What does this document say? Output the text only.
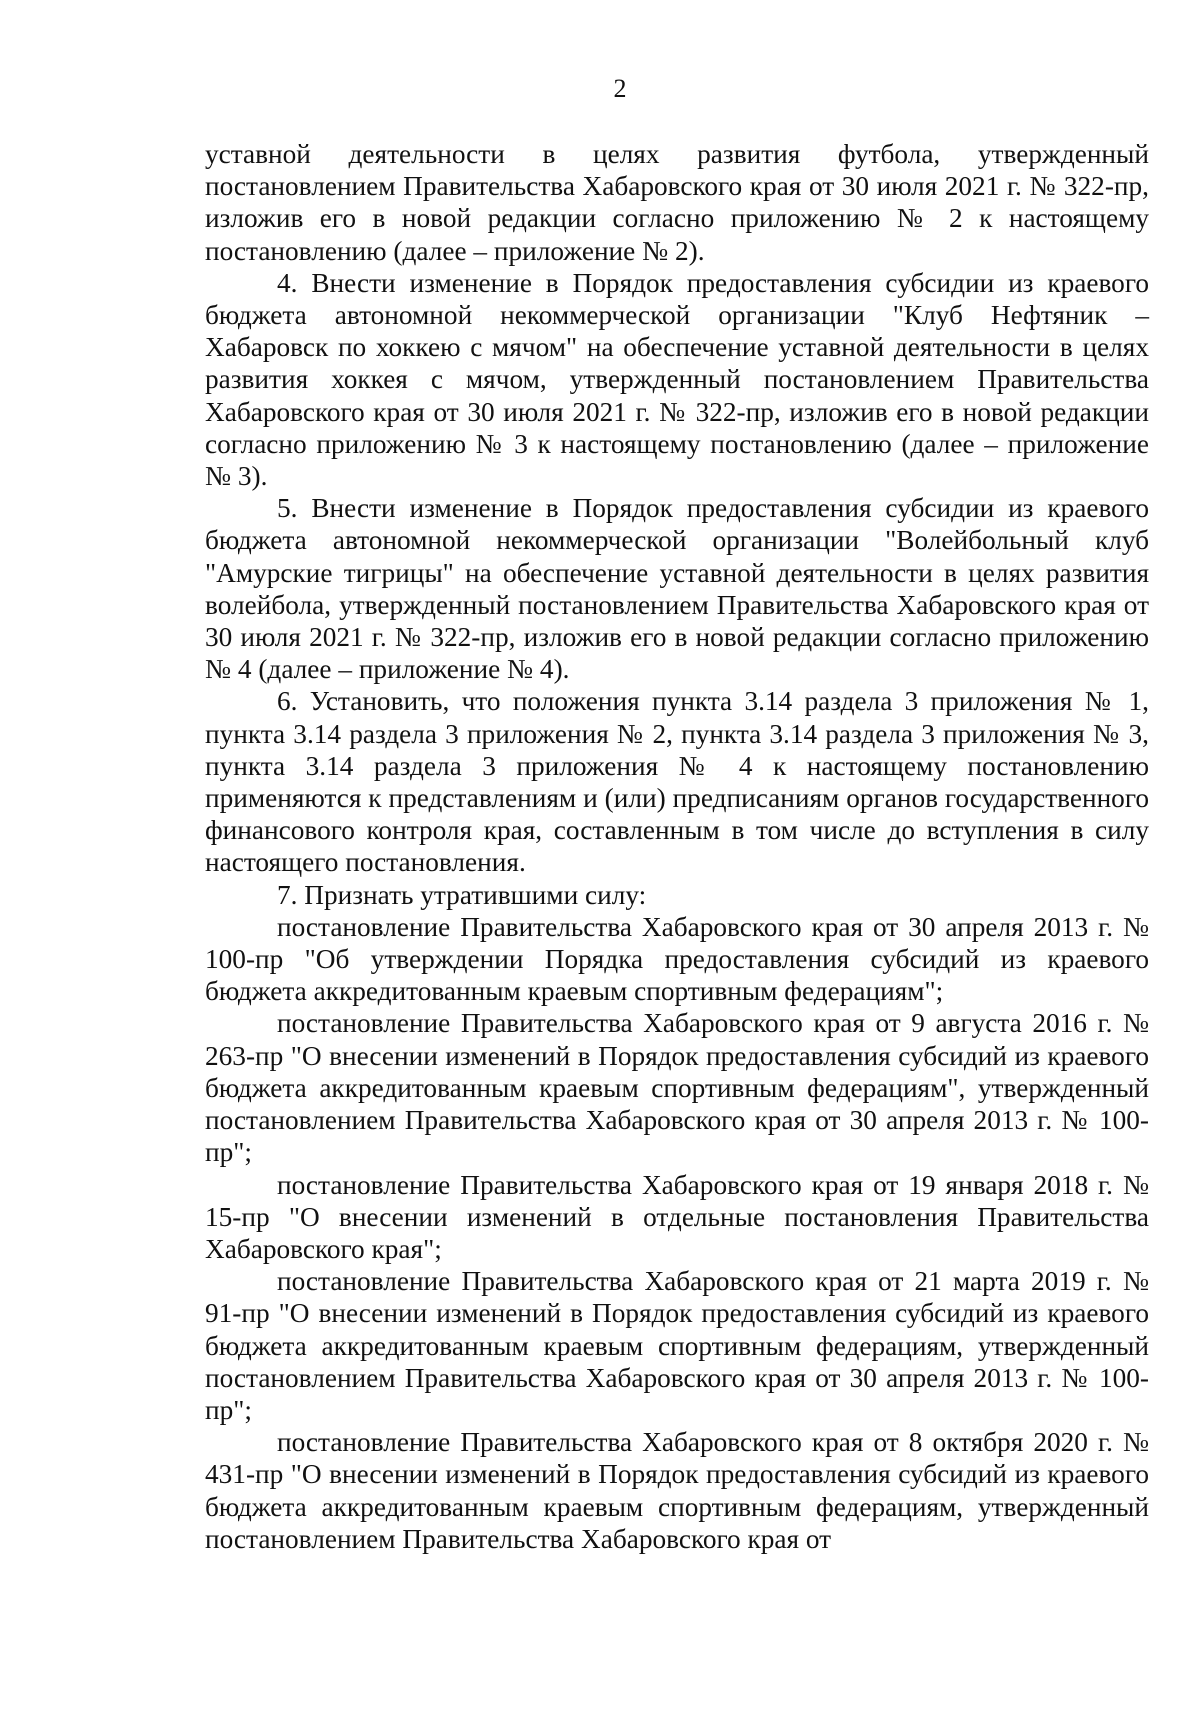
2

уставной деятельности в целях развития футбола, утвержденный постановлением Правительства Хабаровского края от 30 июля 2021 г. № 322-пр, изложив его в новой редакции согласно приложению № 2 к настоящему постановлению (далее – приложение № 2).

4. Внести изменение в Порядок предоставления субсидии из краевого бюджета автономной некоммерческой организации "Клуб Нефтяник – Хабаровск по хоккею с мячом" на обеспечение уставной деятельности в целях развития хоккея с мячом, утвержденный постановлением Правительства Хабаровского края от 30 июля 2021 г. № 322-пр, изложив его в новой редакции согласно приложению № 3 к настоящему постановлению (далее – приложение № 3).

5. Внести изменение в Порядок предоставления субсидии из краевого бюджета автономной некоммерческой организации "Волейбольный клуб "Амурские тигрицы" на обеспечение уставной деятельности в целях развития волейбола, утвержденный постановлением Правительства Хабаровского края от 30 июля 2021 г. № 322-пр, изложив его в новой редакции согласно приложению № 4 (далее – приложение № 4).

6. Установить, что положения пункта 3.14 раздела 3 приложения № 1, пункта 3.14 раздела 3 приложения № 2, пункта 3.14 раздела 3 приложения № 3, пункта 3.14 раздела 3 приложения № 4 к настоящему постановлению применяются к представлениям и (или) предписаниям органов государственного финансового контроля края, составленным в том числе до вступления в силу настоящего постановления.

7. Признать утратившими силу:

постановление Правительства Хабаровского края от 30 апреля 2013 г. № 100-пр "Об утверждении Порядка предоставления субсидий из краевого бюджета аккредитованным краевым спортивным федерациям";

постановление Правительства Хабаровского края от 9 августа 2016 г. № 263-пр "О внесении изменений в Порядок предоставления субсидий из краевого бюджета аккредитованным краевым спортивным федерациям", утвержденный постановлением Правительства Хабаровского края от 30 апреля 2013 г. № 100-пр";

постановление Правительства Хабаровского края от 19 января 2018 г. № 15-пр "О внесении изменений в отдельные постановления Правительства Хабаровского края";

постановление Правительства Хабаровского края от 21 марта 2019 г. № 91-пр "О внесении изменений в Порядок предоставления субсидий из краевого бюджета аккредитованным краевым спортивным федерациям, утвержденный постановлением Правительства Хабаровского края от 30 апреля 2013 г. № 100-пр";

постановление Правительства Хабаровского края от 8 октября 2020 г. № 431-пр "О внесении изменений в Порядок предоставления субсидий из краевого бюджета аккредитованным краевым спортивным федерациям, утвержденный постановлением Правительства Хабаровского края от
